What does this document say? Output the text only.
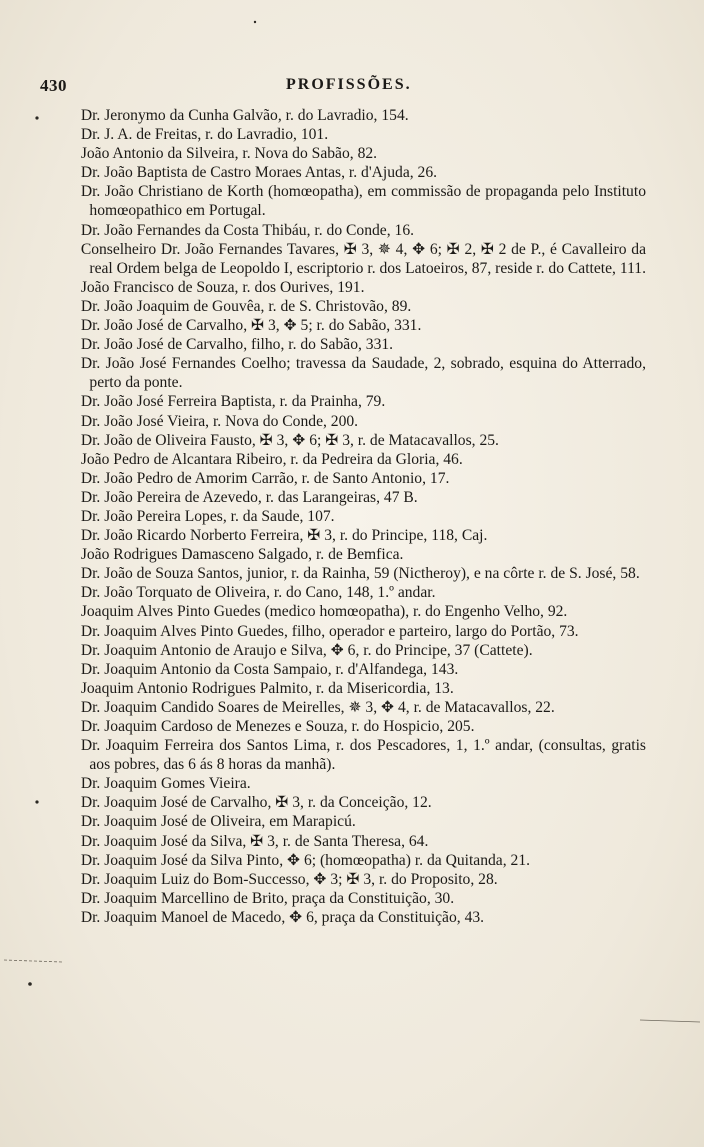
430	PROFISSÕES.

Dr. Jeronymo da Cunha Galvão, r. do Lavradio, 154.

Dr. J. A. de Freitas, r. do Lavradio, 101.

João Antonio da Silveira, r. Nova do Sabão, 82.

Dr. João Baptista de Castro Moraes Antas, r. d'Ajuda, 26.

Dr. João Christiano de Korth (homœopatha), em commissão de propaganda pelo Instituto homœopathico em Portugal.

Dr. João Fernandes da Costa Thibáu, r. do Conde, 16.

Conselheiro Dr. João Fernandes Tavares, ✠ 3, ✵ 4, ✥ 6; ✠ 2, ✠ 2 de P., é Cavalleiro da real Ordem belga de Leopoldo I, escriptorio r. dos Latoeiros, 87, reside r. do Cattete, 111.

João Francisco de Souza, r. dos Ourives, 191.

Dr. João Joaquim de Gouvêa, r. de S. Christovão, 89.

Dr. João José de Carvalho, ✠ 3, ✥ 5; r. do Sabão, 331.

Dr. João José de Carvalho, filho, r. do Sabão, 331.

Dr. João José Fernandes Coelho; travessa da Saudade, 2, sobrado, esquina do Atterrado, perto da ponte.

Dr. João José Ferreira Baptista, r. da Prainha, 79.

Dr. João José Vieira, r. Nova do Conde, 200.

Dr. João de Oliveira Fausto, ✠ 3, ✥ 6; ✠ 3, r. de Matacavallos, 25.

João Pedro de Alcantara Ribeiro, r. da Pedreira da Gloria, 46.

Dr. João Pedro de Amorim Carrão, r. de Santo Antonio, 17.

Dr. João Pereira de Azevedo, r. das Larangeiras, 47 B.

Dr. João Pereira Lopes, r. da Saude, 107.

Dr. João Ricardo Norberto Ferreira, ✠ 3, r. do Principe, 118, Caj.

João Rodrigues Damasceno Salgado, r. de Bemfica.

Dr. João de Souza Santos, junior, r. da Rainha, 59 (Nictheroy), e na côrte r. de S. José, 58.

Dr. João Torquato de Oliveira, r. do Cano, 148, 1.º andar.

Joaquim Alves Pinto Guedes (medico homœopatha), r. do Engenho Velho, 92.

Dr. Joaquim Alves Pinto Guedes, filho, operador e parteiro, largo do Portão, 73.

Dr. Joaquim Antonio de Araujo e Silva, ✥ 6, r. do Principe, 37 (Cattete).

Dr. Joaquim Antonio da Costa Sampaio, r. d'Alfandega, 143.

Joaquim Antonio Rodrigues Palmito, r. da Misericordia, 13.

Dr. Joaquim Candido Soares de Meirelles, ✵ 3, ✥ 4, r. de Matacavallos, 22.

Dr. Joaquim Cardoso de Menezes e Souza, r. do Hospicio, 205.

Dr. Joaquim Ferreira dos Santos Lima, r. dos Pescadores, 1, 1.º andar, (consultas, gratis aos pobres, das 6 ás 8 horas da manhã).

Dr. Joaquim Gomes Vieira.

Dr. Joaquim José de Carvalho, ✠ 3, r. da Conceição, 12.

Dr. Joaquim José de Oliveira, em Marapicú.

Dr. Joaquim José da Silva, ✠ 3, r. de Santa Theresa, 64.

Dr. Joaquim José da Silva Pinto, ✥ 6; (homœopatha) r. da Quitanda, 21.

Dr. Joaquim Luiz do Bom-Successo, ✥ 3; ✠ 3, r. do Proposito, 28.

Dr. Joaquim Marcellino de Brito, praça da Constituição, 30.

Dr. Joaquim Manoel de Macedo, ✥ 6, praça da Constituição, 43.
